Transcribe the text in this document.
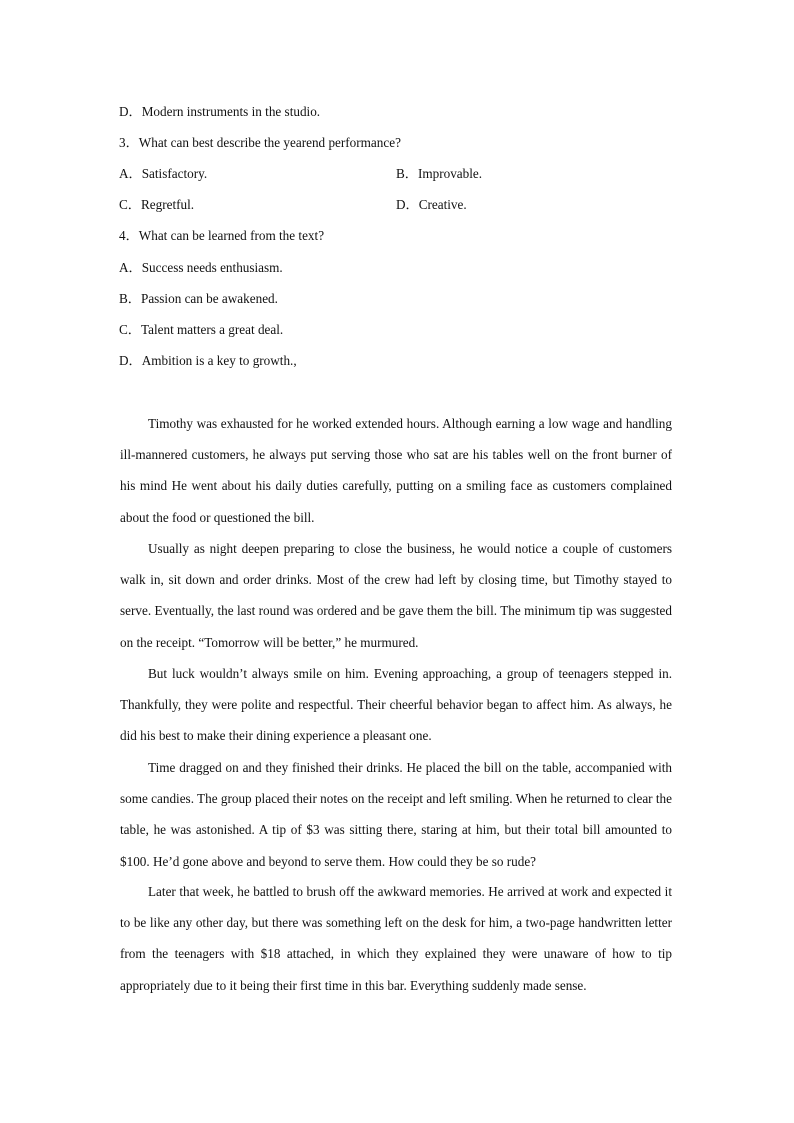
D．Modern instruments in the studio.
3．What can best describe the yearend performance?
A．Satisfactory.	B．Improvable.
C．Regretful.	D．Creative.
4．What can be learned from the text?
A．Success needs enthusiasm.
B．Passion can be awakened.
C．Talent matters a great deal.
D．Ambition is a key to growth.,

Timothy was exhausted for he worked extended hours. Although earning a low wage and handling ill-mannered customers, he always put serving those who sat are his tables well on the front burner of his mind He went about his daily duties carefully, putting on a smiling face as customers complained about the food or questioned the bill.

Usually as night deepen preparing to close the business, he would notice a couple of customers walk in, sit down and order drinks. Most of the crew had left by closing time, but Timothy stayed to serve. Eventually, the last round was ordered and be gave them the bill. The minimum tip was suggested on the receipt. “Tomorrow will be better,” he murmured.

But luck wouldn’t always smile on him. Evening approaching, a group of teenagers stepped in. Thankfully, they were polite and respectful. Their cheerful behavior began to affect him. As always, he did his best to make their dining experience a pleasant one.

Time dragged on and they finished their drinks. He placed the bill on the table, accompanied with some candies. The group placed their notes on the receipt and left smiling. When he returned to clear the table, he was astonished. A tip of $3 was sitting there, staring at him, but their total bill amounted to $100. He’d gone above and beyond to serve them. How could they be so rude?

Later that week, he battled to brush off the awkward memories. He arrived at work and expected it to be like any other day, but there was something left on the desk for him, a two-page handwritten letter from the teenagers with $18 attached, in which they explained they were unaware of how to tip appropriately due to it being their first time in this bar. Everything suddenly made sense.
